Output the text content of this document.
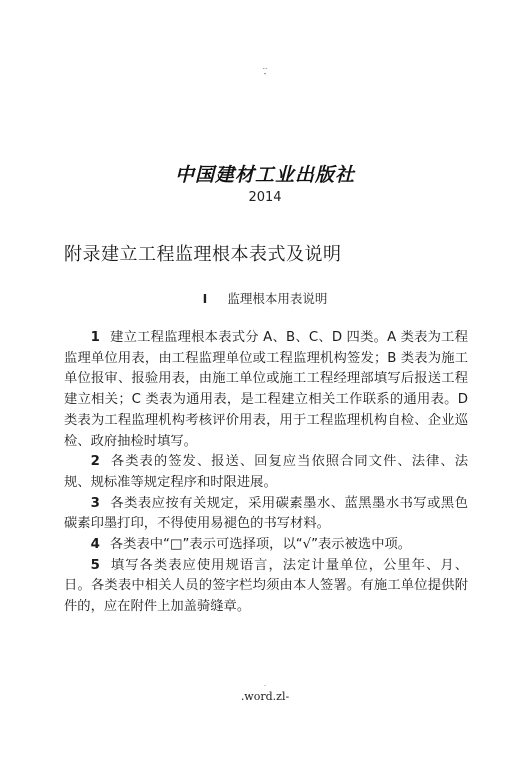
..
-
中国建材工业出版社
2014
附录建立工程监理根本表式及说明
I 监理根本用表说明

1 建立工程监理根本表式分 A、B、C、D 四类。A 类表为工程监理单位用表，由工程监理单位或工程监理机构签发；B 类表为施工单位报审、报验用表，由施工单位或施工工程经理部填写后报送工程建立相关；C 类表为通用表，是工程建立相关工作联系的通用表。D 类表为工程监理机构考核评价用表，用于工程监理机构自检、企业巡检、政府抽检时填写。

2 各类表的签发、报送、回复应当依照合同文件、法律、法规、规标准等规定程序和时限进展。

3 各类表应按有关规定，采用碳素墨水、蓝黑墨水书写或黑色碳素印墨打印，不得使用易褪色的书写材料。

4 各类表中“□”表示可选择项，以“√”表示被选中项。

5 填写各类表应使用规语言，法定计量单位，公里年、月、日。各类表中相关人员的签字栏均须由本人签署。有施工单位提供附件的，应在附件上加盖骑缝章。

.
.word.zl-
